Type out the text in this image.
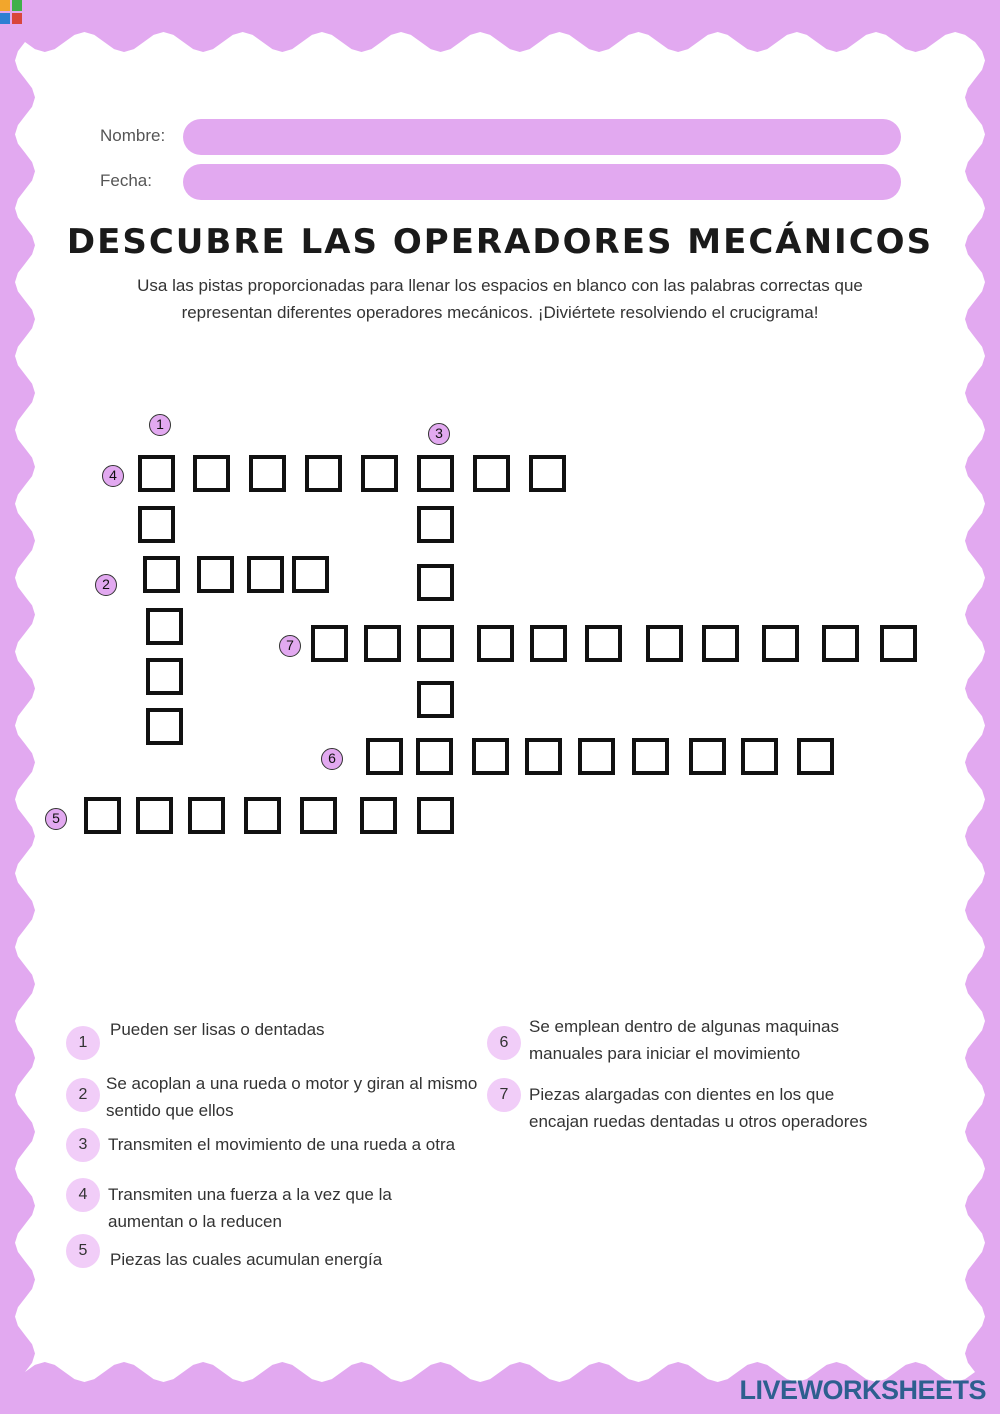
Nombre:
Fecha:
DESCUBRE LAS OPERADORES MECÁNICOS
Usa las pistas proporcionadas para llenar los espacios en blanco con las palabras correctas que representan diferentes operadores mecánicos. ¡Diviértete resolviendo el crucigrama!
1
3
4
2
7
6
5
1
Pueden ser lisas o dentadas
2
Se acoplan a una rueda o motor y giran al mismo sentido que ellos
3	Transmiten el movimiento de una rueda a otra
4	Transmiten una fuerza a la vez que la aumentan o la reducen
5	Piezas las cuales acumulan energía
6
Se emplean dentro de algunas maquinas manuales para iniciar el movimiento
7	Piezas alargadas con dientes en los que encajan ruedas dentadas u otros operadores
LIVEWORKSHEETS
